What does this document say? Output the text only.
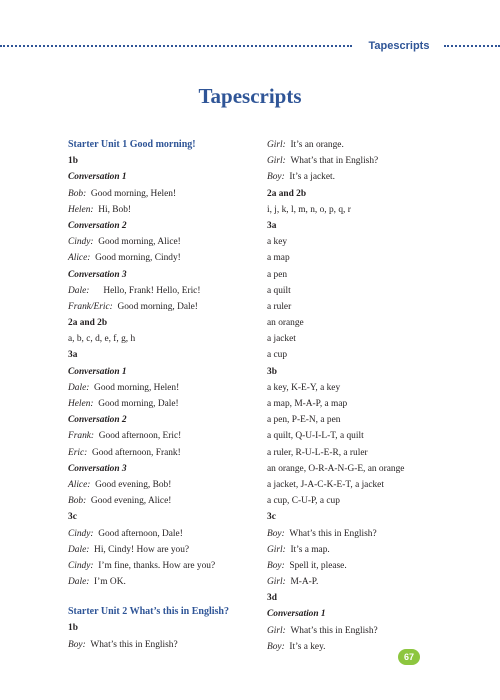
Tapescripts
Tapescripts
Starter Unit 1 Good morning!
1b
Conversation 1
Bob: Good morning, Helen!
Helen: Hi, Bob!
Conversation 2
Cindy: Good morning, Alice!
Alice: Good morning, Cindy!
Conversation 3
Dale: Hello, Frank! Hello, Eric!
Frank/Eric: Good morning, Dale!
2a and 2b
a, b, c, d, e, f, g, h
3a
Conversation 1
Dale: Good morning, Helen!
Helen: Good morning, Dale!
Conversation 2
Frank: Good afternoon, Eric!
Eric: Good afternoon, Frank!
Conversation 3
Alice: Good evening, Bob!
Bob: Good evening, Alice!
3c
Cindy: Good afternoon, Dale!
Dale: Hi, Cindy! How are you?
Cindy: I’m fine, thanks. How are you?
Dale: I’m OK.
Starter Unit 2 What’s this in English?
1b
Boy: What’s this in English?
Girl: It’s an orange.
Girl: What’s that in English?
Boy: It’s a jacket.
2a and 2b
i, j, k, l, m, n, o, p, q, r
3a
a key
a map
a pen
a quilt
a ruler
an orange
a jacket
a cup
3b
a key, K-E-Y, a key
a map, M-A-P, a map
a pen, P-E-N, a pen
a quilt, Q-U-I-L-T, a quilt
a ruler, R-U-L-E-R, a ruler
an orange, O-R-A-N-G-E, an orange
a jacket, J-A-C-K-E-T, a jacket
a cup, C-U-P, a cup
3c
Boy: What’s this in English?
Girl: It’s a map.
Boy: Spell it, please.
Girl: M-A-P.
3d
Conversation 1
Girl: What’s this in English?
Boy: It’s a key.
67
